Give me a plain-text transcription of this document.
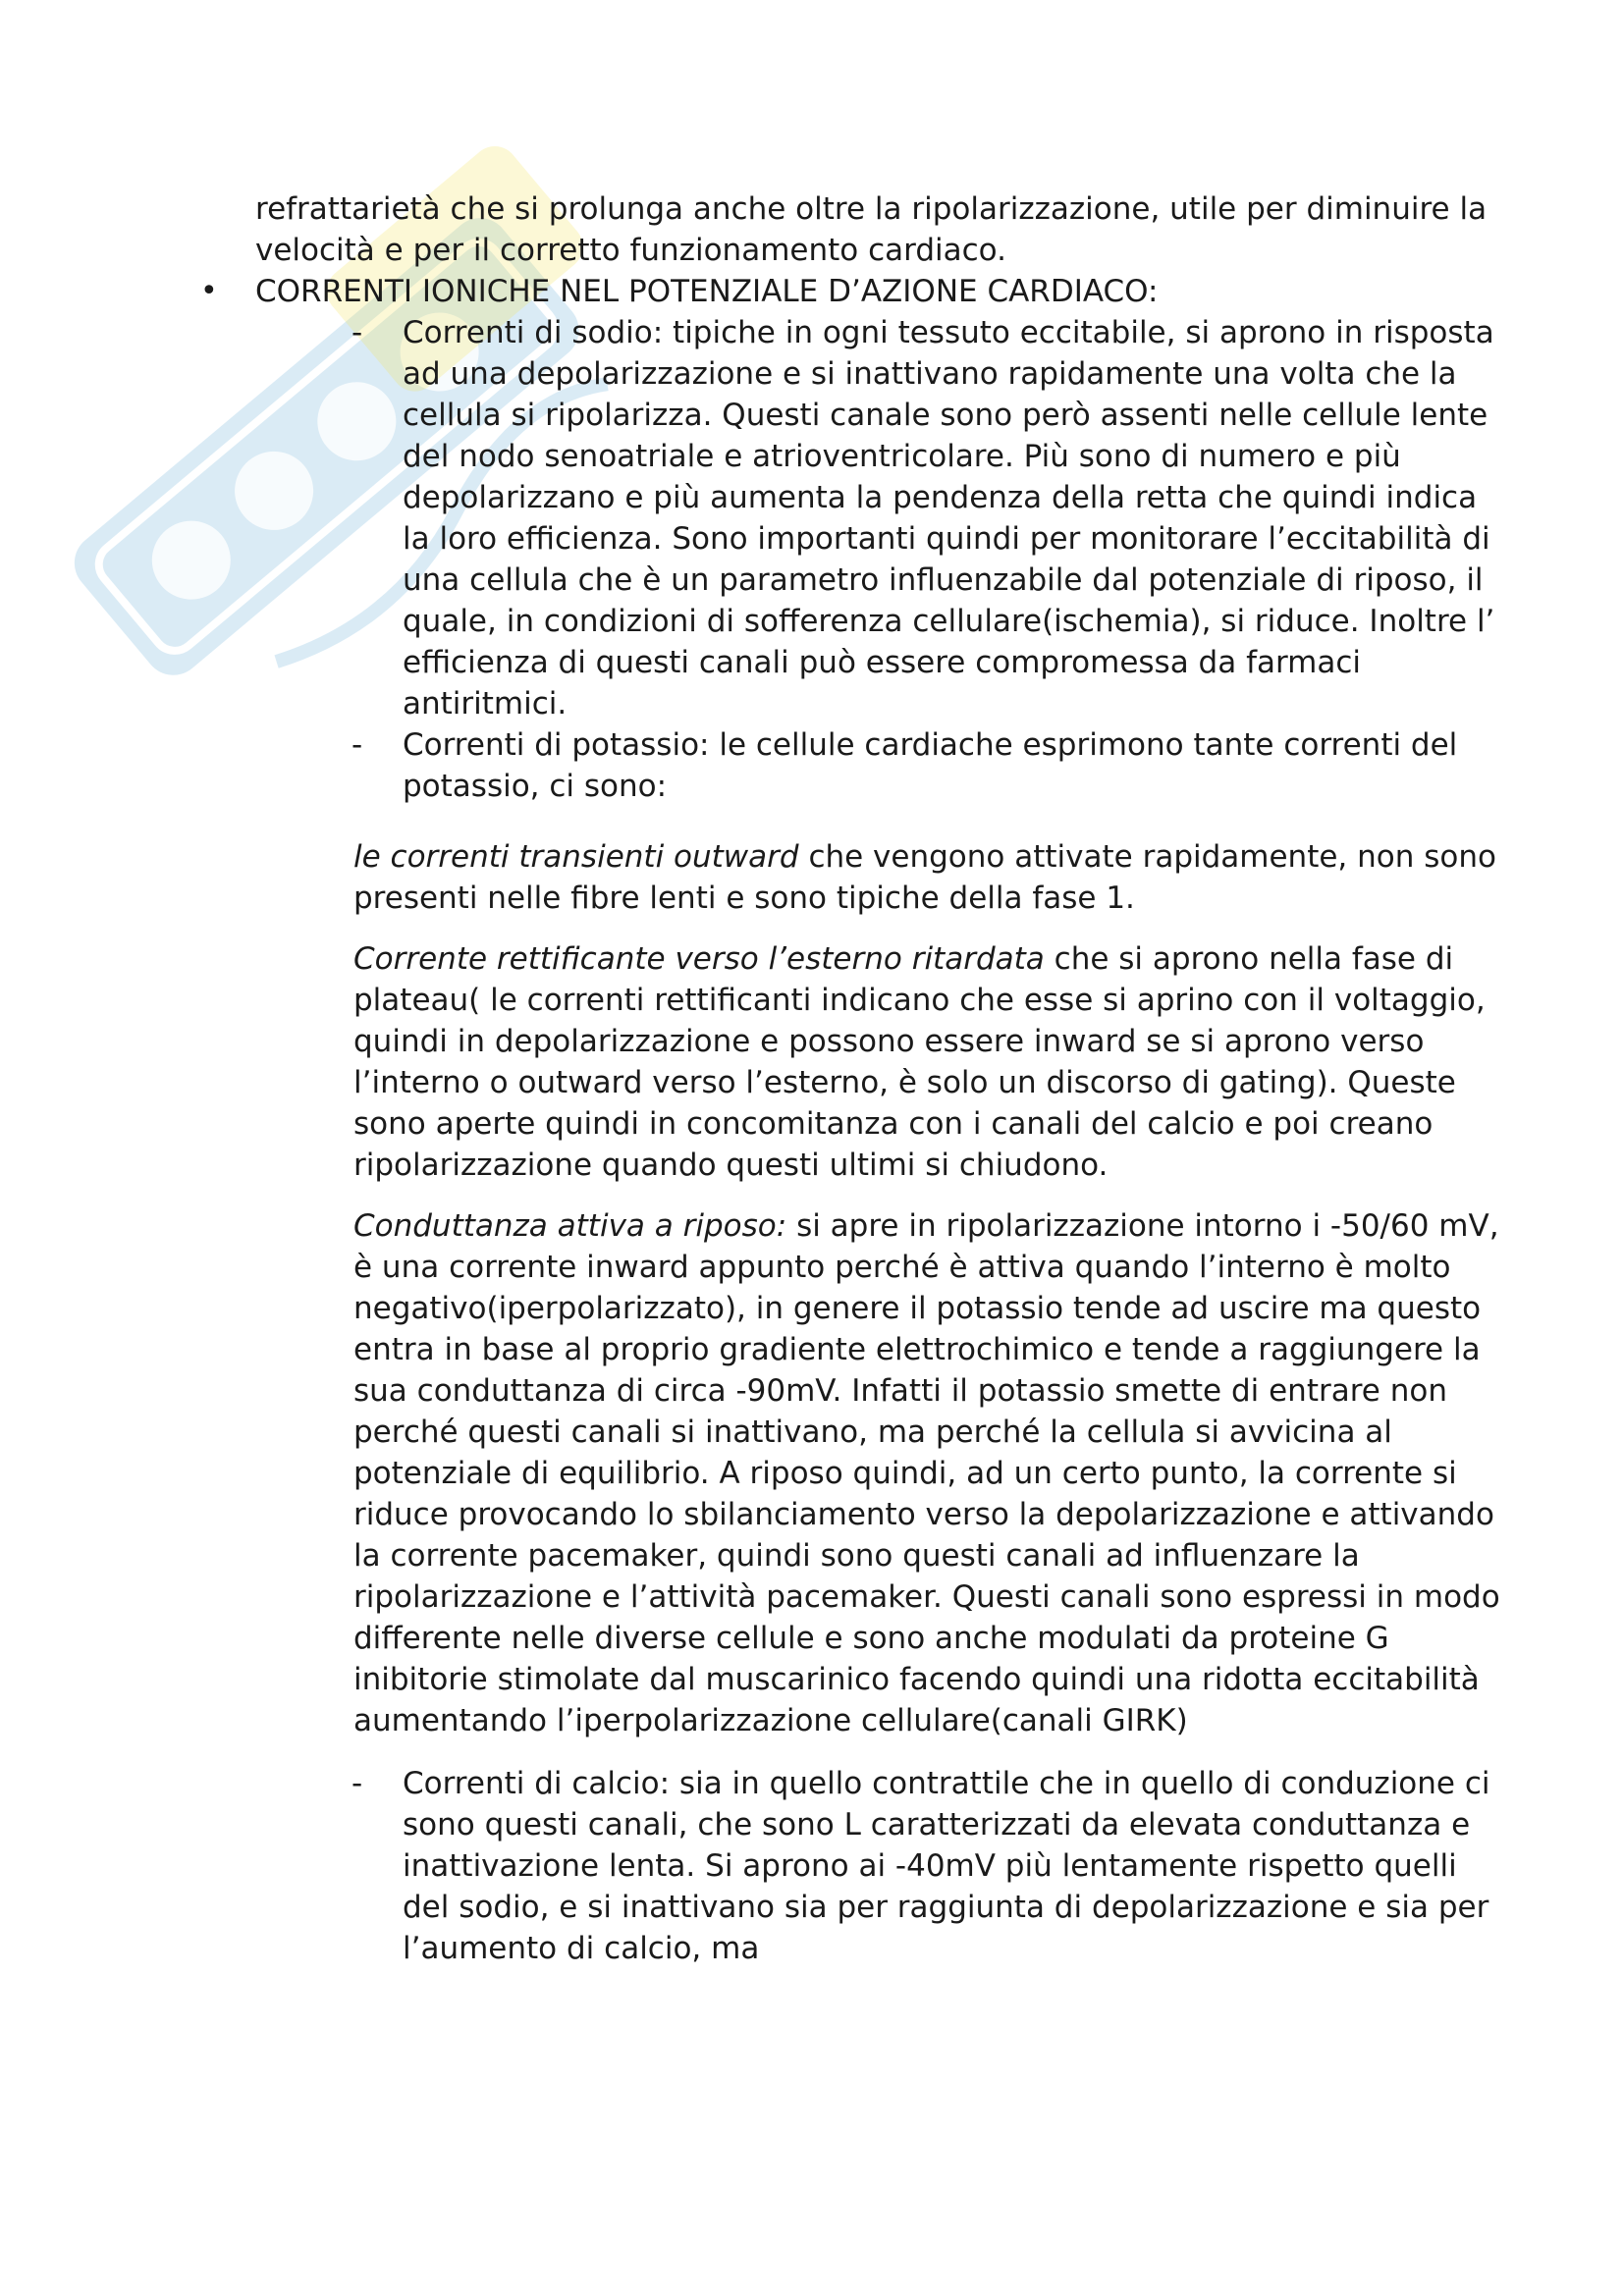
refrattarietà che si prolunga anche oltre la ripolarizzazione, utile per diminuire la velocità e per il corretto funzionamento cardiaco.

• CORRENTI IONICHE NEL POTENZIALE D’AZIONE CARDIACO:
- Correnti di sodio: tipiche in ogni tessuto eccitabile, si aprono in risposta ad una depolarizzazione e si inattivano rapidamente una volta che la cellula si ripolarizza. Questi canale sono però assenti nelle cellule lente del nodo senoatriale e atrioventricolare. Più sono di numero e più depolarizzano e più aumenta la pendenza della retta che quindi indica la loro efficienza. Sono importanti quindi per monitorare l’eccitabilità di una cellula che è un parametro influenzabile dal potenziale di riposo, il quale, in condizioni di sofferenza cellulare(ischemia), si riduce. Inoltre l’ efficienza di questi canali può essere compromessa da farmaci antiritmici.
- Correnti di potassio: le cellule cardiache esprimono tante correnti del potassio, ci sono:

le correnti transienti outward che vengono attivate rapidamente, non sono presenti nelle fibre lenti e sono tipiche della fase 1.

Corrente rettificante verso l’esterno ritardata che si aprono nella fase di plateau( le correnti rettificanti indicano che esse si aprino con il voltaggio, quindi in depolarizzazione e possono essere inward se si aprono verso l’interno o outward verso l’esterno, è solo un discorso di gating). Queste sono aperte quindi in concomitanza con i canali del calcio e poi creano ripolarizzazione quando questi ultimi si chiudono.

Conduttanza attiva a riposo: si apre in ripolarizzazione intorno i -50/60 mV, è una corrente inward appunto perché è attiva quando l’interno è molto negativo(iperpolarizzato), in genere il potassio tende ad uscire ma questo entra in base al proprio gradiente elettrochimico e tende a raggiungere la sua conduttanza di circa -90mV. Infatti il potassio smette di entrare non perché questi canali si inattivano, ma perché la cellula si avvicina al potenziale di equilibrio. A riposo quindi, ad un certo punto, la corrente si riduce provocando lo sbilanciamento verso la depolarizzazione e attivando la corrente pacemaker, quindi sono questi canali ad influenzare la ripolarizzazione e l’attività pacemaker. Questi canali sono espressi in modo differente nelle diverse cellule e sono anche modulati da proteine G inibitorie stimolate dal muscarinico facendo quindi una ridotta eccitabilità aumentando l’iperpolarizzazione cellulare(canali GIRK)

- Correnti di calcio: sia in quello contrattile che in quello di conduzione ci sono questi canali, che sono L caratterizzati da elevata conduttanza e inattivazione lenta. Si aprono ai -40mV più lentamente rispetto quelli del sodio, e si inattivano sia per raggiunta di depolarizzazione e sia per l’aumento di calcio, ma
